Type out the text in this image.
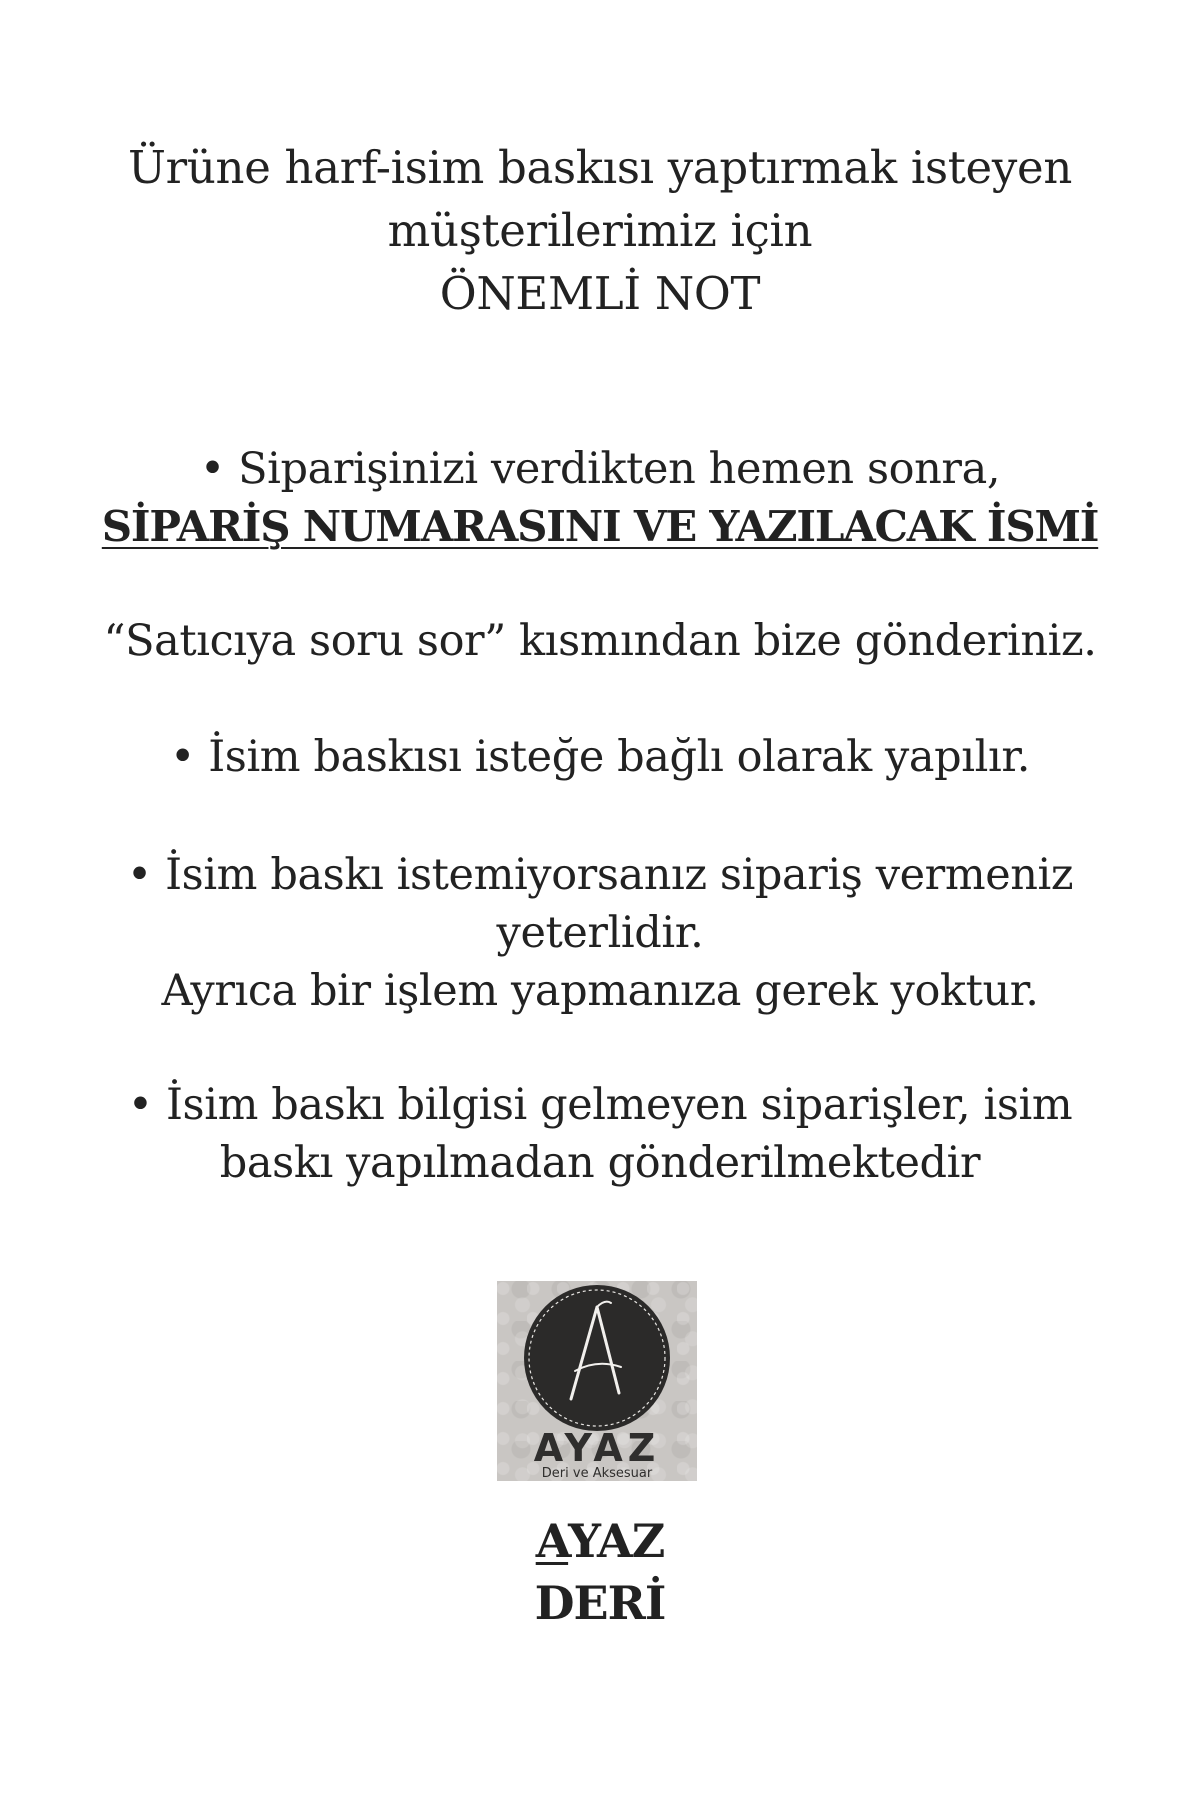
Ürüne harf-isim baskısı yaptırmak isteyen
müşterilerimiz için
ÖNEMLİ NOT
• Siparişinizi verdikten hemen sonra,
SİPARİŞ NUMARASINI VE YAZILACAK İSMİ
“Satıcıya soru sor” kısmından bize gönderiniz.
• İsim baskısı isteğe bağlı olarak yapılır.
• İsim baskı istemiyorsanız sipariş vermeniz
yeterlidir.
Ayrıca bir işlem yapmanıza gerek yoktur.
• İsim baskı bilgisi gelmeyen siparişler, isim
baskı yapılmadan gönderilmektedir
AYAZ
Deri ve Aksesuar
AYAZ
DERİ
